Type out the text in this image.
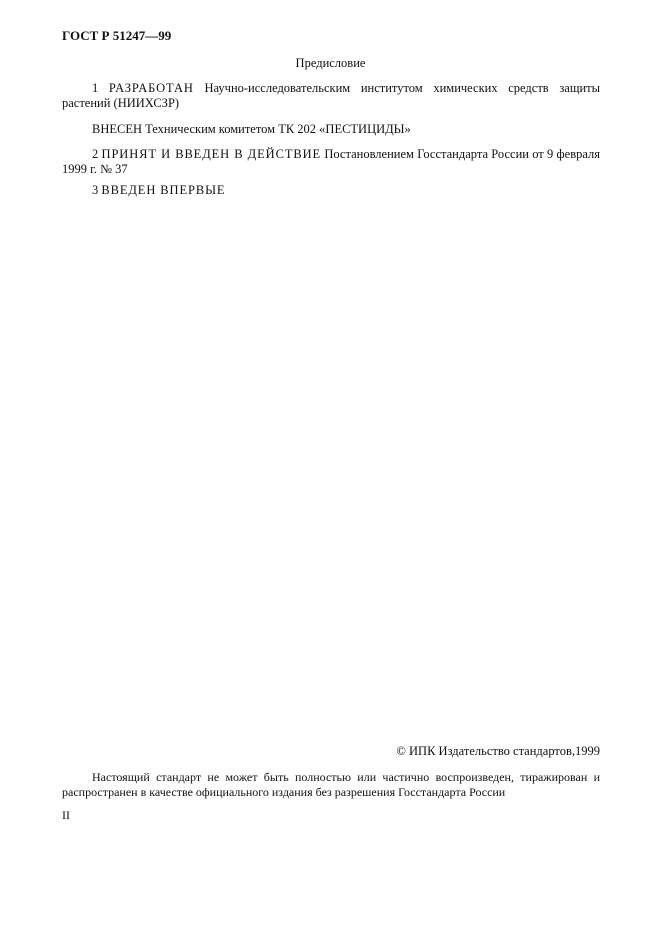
ГОСТ Р 51247—99
Предисловие
1 РАЗРАБОТАН Научно-исследовательским институтом химических средств защиты растений (НИИХСЗР)
ВНЕСЕН Техническим комитетом ТК 202 «ПЕСТИЦИДЫ»
2 ПРИНЯТ И ВВЕДЕН В ДЕЙСТВИЕ Постановлением Госстандарта России от 9 февраля 1999 г. № 37
3 ВВЕДЕН ВПЕРВЫЕ
© ИПК Издательство стандартов,1999
Настоящий стандарт не может быть полностью или частично воспроизведен, тиражирован и распространен в качестве официального издания без разрешения Госстандарта России
II
